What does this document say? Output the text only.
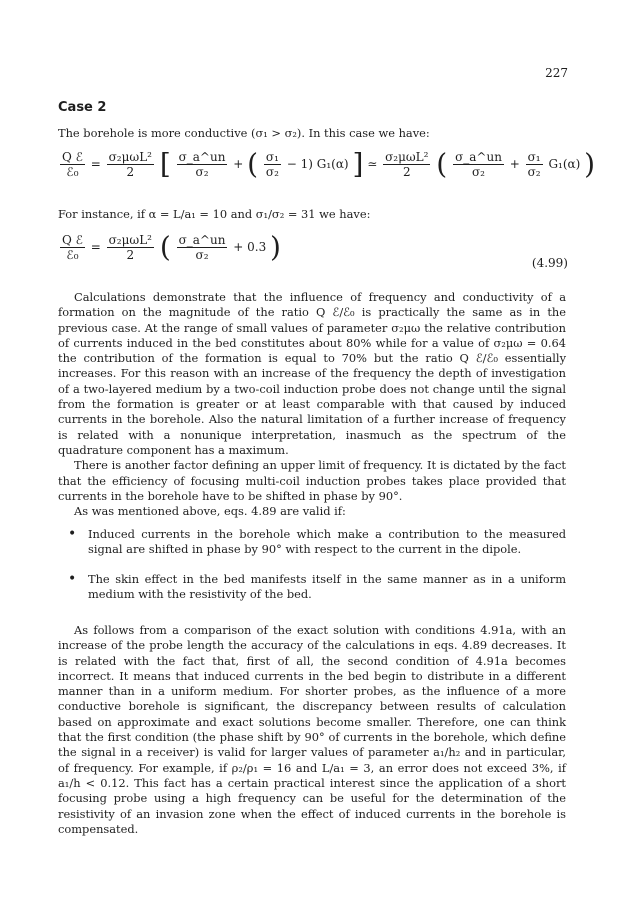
227
Case 2

The borehole is more conductive (σ₁ > σ₂). In this case we have:

$\frac{\text{Q ℰ}}{\text{ℰ₀}} = \frac{\text{σ₂μωL²}}{2}$ [ $\frac{\sigma\_a\^{}un}{\text{σ₂}}$ + ( $\frac{\text{σ₁}}{\text{σ₂}} - 1$) G₁(α) ] ≃ $\frac{\text{σ₂μωL²}}{2}$ ( $\frac{\sigma\_a\^{}un}{\text{σ₂}} + \frac{\text{σ₁}}{\text{σ₂}} G_1(\alpha)$ )

For instance, if α = L/a₁ = 10 and σ₁/σ₂ = 31 we have:

$\frac{\text{Q ℰ}}{\text{ℰ₀}} = \frac{\text{σ₂μωL²}}{2}$ ( $\frac{\sigma\_a\^{}un}{\text{σ₂}} + 0.3$ )	(4.99)

Calculations demonstrate that the influence of frequency and conductivity of a formation on the magnitude of the ratio Q ℰ/ℰ₀ is practically the same as in the previous case. At the range of small values of parameter σ₂μω the relative contribution of currents induced in the bed constitutes about 80% while for a value of σ₂μω = 0.64 the contribution of the formation is equal to 70% but the ratio Q ℰ/ℰ₀ essentially increases. For this reason with an increase of the frequency the depth of investigation of a two-layered medium by a two-coil induction probe does not change until the signal from the formation is greater or at least comparable with that caused by induced currents in the borehole. Also the natural limitation of a further increase of frequency is related with a nonunique interpretation, inasmuch as the spectrum of the quadrature component has a maximum.

There is another factor defining an upper limit of frequency. It is dictated by the fact that the efficiency of focusing multi-coil induction probes takes place provided that currents in the borehole have to be shifted in phase by 90°.

As was mentioned above, eqs. 4.89 are valid if:

• Induced currents in the borehole which make a contribution to the measured signal are shifted in phase by 90° with respect to the current in the dipole.
• The skin effect in the bed manifests itself in the same manner as in a uniform medium with the resistivity of the bed.

As follows from a comparison of the exact solution with conditions 4.91a, with an increase of the probe length the accuracy of the calculations in eqs. 4.89 decreases. It is related with the fact that, first of all, the second condition of 4.91a becomes incorrect. It means that induced currents in the bed begin to distribute in a different manner than in a uniform medium. For shorter probes, as the influence of a more conductive borehole is significant, the discrepancy between results of calculation based on approximate and exact solutions become smaller. Therefore, one can think that the first condition (the phase shift by 90° of currents in the borehole, which define the signal in a receiver) is valid for larger values of parameter a₁/h₂ and in particular, of frequency. For example, if ρ₂/ρ₁ = 16 and L/a₁ = 3, an error does not exceed 3%, if a₁/h < 0.12. This fact has a certain practical interest since the application of a short focusing probe using a high frequency can be useful for the determination of the resistivity of an invasion zone when the effect of induced currents in the borehole is compensated.
